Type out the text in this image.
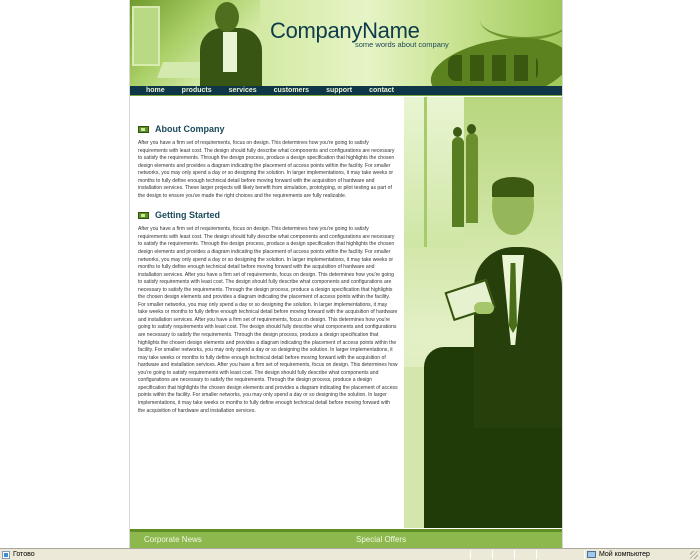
CompanyName
some words about company
home products services customers support contact
About Company

After you have a firm set of requirements, focus on design. This determines how you're going to satisfy requirements with least cost. The design should fully describe what components and configurations are necessary to satisfy the requirements. Through the design process, produce a design specification that highlights the chosen design elements and provides a diagram indicating the placement of access points within the facility. For smaller networks, you may only spend a day or so designing the solution. In larger implementations, it may take weeks or months to fully define enough technical detail before moving forward with the acquisition of hardware and installation services. These larger projects will likely benefit from simulation, prototyping, or pilot testing as part of the design to ensure you've made the right choices and the requirements are fully realizable.

Getting Started

After you have a firm set of requirements, focus on design. This determines how you're going to satisfy requirements with least cost. The design should fully describe what components and configurations are necessary to satisfy the requirements. Through the design process, produce a design specification that highlights the chosen design elements and provides a diagram indicating the placement of access points within the facility. For smaller networks, you may only spend a day or so designing the solution. In larger implementations, it may take weeks or months to fully define enough technical detail before moving forward with the acquisition of hardware and installation services. After you have a firm set of requirements, focus on design. This determines how you're going to satisfy requirements with least cost. The design should fully describe what components and configurations are necessary to satisfy the requirements. Through the design process, produce a design specification that highlights the chosen design elements and provides a diagram indicating the placement of access points within the facility. For smaller networks, you may only spend a day or so designing the solution. In larger implementations, it may take weeks or months to fully define enough technical detail before moving forward with the acquisition of hardware and installation services. After you have a firm set of requirements, focus on design. This determines how you're going to satisfy requirements with least cost. The design should fully describe what components and configurations are necessary to satisfy the requirements. Through the design process, produce a design specification that highlights the chosen design elements and provides a diagram indicating the placement of access points within the facility. For smaller networks, you may only spend a day or so designing the solution. In larger implementations, it may take weeks or months to fully define enough technical detail before moving forward with the acquisition of hardware and installation services. After you have a firm set of requirements, focus on design. This determines how you're going to satisfy requirements with least cost. The design should fully describe what components and configurations are necessary to satisfy the requirements. Through the design process, produce a design specification that highlights the chosen design elements and provides a diagram indicating the placement of access points within the facility. For smaller networks, you may only spend a day or so designing the solution. In larger implementations, it may take weeks or months to fully define enough technical detail before moving forward with the acquisition of hardware and installation services.

Corporate News	Special Offers
Готово	Мой компьютер
